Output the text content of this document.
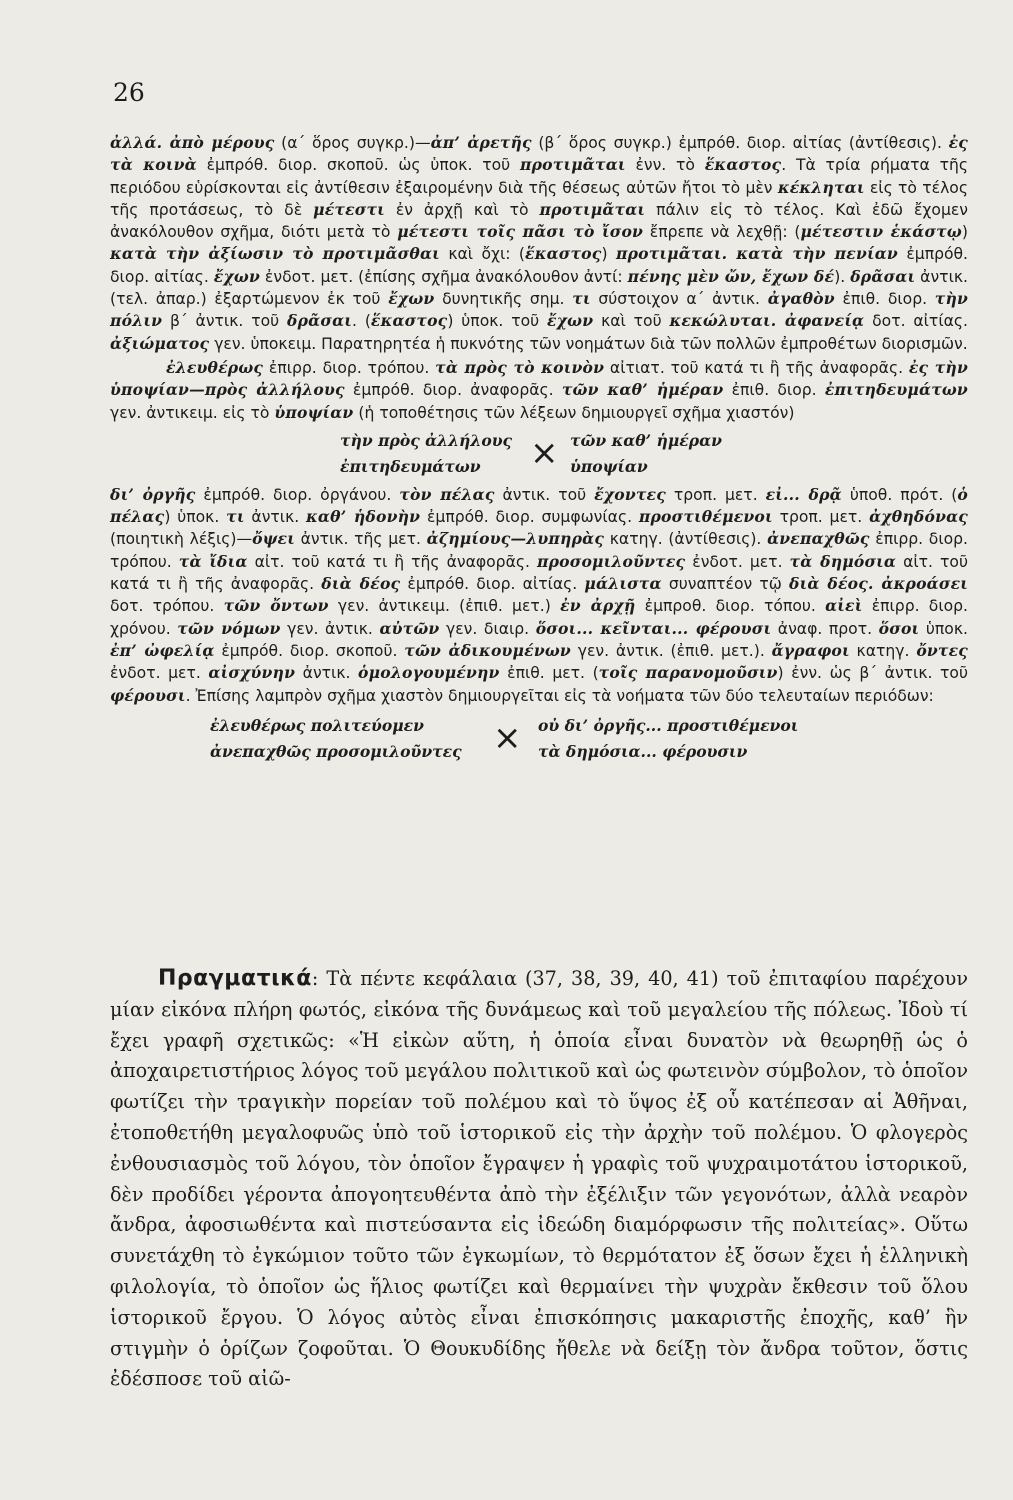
26

ἀλλά. ἀπὸ μέρους (α΄ ὅρος συγκρ.)—ἀπ’ ἀρετῆς (β΄ ὅρος συγκρ.) ἐμπρόθ. διορ. αἰτίας (ἀντίθεσις). ἐς τὰ κοινὰ ἐμπρόθ. διορ. σκοποῦ. ὡς ὑποκ. τοῦ προτιμᾶται ἐνν. τὸ ἕκαστος. Τὰ τρία ρήματα τῆς περιόδου εὑρίσκονται εἰς ἀντίθεσιν ἐξαιρομένην διὰ τῆς θέσεως αὐτῶν ἤτοι τὸ μὲν κέκληται εἰς τὸ τέλος τῆς προτάσεως, τὸ δὲ μέτεστι ἐν ἀρχῇ καὶ τὸ προτιμᾶται πάλιν εἰς τὸ τέλος. Καὶ ἐδῶ ἔχομεν ἀνακόλουθον σχῆμα, διότι μετὰ τὸ μέτεστι τοῖς πᾶσι τὸ ἴσον ἔπρεπε νὰ λεχθῇ: (μέτεστιν ἑκάστῳ) κατὰ τὴν ἀξίωσιν τὸ προτιμᾶσθαι καὶ ὄχι: (ἕκαστος) προτιμᾶται. κατὰ τὴν πενίαν ἐμπρόθ. διορ. αἰτίας. ἔχων ἐνδοτ. μετ. (ἐπίσης σχῆμα ἀνακόλουθον ἀντί: πένης μὲν ὤν, ἔχων δέ). δρᾶσαι ἀντικ. (τελ. ἀπαρ.) ἐξαρτώμενον ἐκ τοῦ ἔχων δυνητικῆς σημ. τι σύστοιχον α΄ ἀντικ. ἀγαθὸν ἐπιθ. διορ. τὴν πόλιν β΄ ἀντικ. τοῦ δρᾶσαι. (ἕκαστος) ὑποκ. τοῦ ἔχων καὶ τοῦ κεκώλυται. ἀφανείᾳ δοτ. αἰτίας. ἀξιώματος γεν. ὑποκειμ. Παρατηρητέα ἡ πυκνότης τῶν νοημάτων διὰ τῶν πολλῶν ἐμπροθέτων διορισμῶν.

ἐλευθέρως ἐπιρρ. διορ. τρόπου. τὰ πρὸς τὸ κοινὸν αἰτιατ. τοῦ κατά τι ἢ τῆς ἀναφορᾶς. ἐς τὴν ὑποψίαν—πρὸς ἀλλήλους ἐμπρόθ. διορ. ἀναφορᾶς. τῶν καθ’ ἡμέραν ἐπιθ. διορ. ἐπιτηδευμάτων γεν. ἀντικειμ. εἰς τὸ ὑποψίαν (ἡ τοποθέτησις τῶν λέξεων δημιουργεῖ σχῆμα χιαστόν)

τὴν πρὸς ἀλλήλους
ἐπιτηδευμάτων × τῶν καθ’ ἡμέραν
ὑποψίαν

δι’ ὀργῆς ἐμπρόθ. διορ. ὀργάνου. τὸν πέλας ἀντικ. τοῦ ἔχοντες τροπ. μετ. εἰ... δρᾷ ὑποθ. πρότ. (ὁ πέλας) ὑποκ. τι ἀντικ. καθ’ ἡδονὴν ἐμπρόθ. διορ. συμφωνίας. προστιθέμενοι τροπ. μετ. ἀχθηδόνας (ποιητικὴ λέξις)—ὄψει ἀντικ. τῆς μετ. ἀζημίους—λυπηρὰς κατηγ. (ἀντίθεσις). ἀνεπαχθῶς ἐπιρρ. διορ. τρόπου. τὰ ἴδια αἰτ. τοῦ κατά τι ἢ τῆς ἀναφορᾶς. προσομιλοῦντες ἐνδοτ. μετ. τὰ δημόσια αἰτ. τοῦ κατά τι ἢ τῆς ἀναφορᾶς. διὰ δέος ἐμπρόθ. διορ. αἰτίας. μάλιστα συναπτέον τῷ διὰ δέος. ἀκροάσει δοτ. τρόπου. τῶν ὄντων γεν. ἀντικειμ. (ἐπιθ. μετ.) ἐν ἀρχῇ ἐμπροθ. διορ. τόπου. αἰεὶ ἐπιρρ. διορ. χρόνου. τῶν νόμων γεν. ἀντικ. αὐτῶν γεν. διαιρ. ὅσοι... κεῖνται... φέρουσι ἀναφ. προτ. ὅσοι ὑποκ. ἐπ’ ὠφελίᾳ ἐμπρόθ. διορ. σκοποῦ. τῶν ἀδικουμένων γεν. ἀντικ. (ἐπιθ. μετ.). ἄγραφοι κατηγ. ὄντες ἐνδοτ. μετ. αἰσχύνην ἀντικ. ὁμολογουμένην ἐπιθ. μετ. (τοῖς παρανομοῦσιν) ἐνν. ὡς β΄ ἀντικ. τοῦ φέρουσι. Ἐπίσης λαμπρὸν σχῆμα χιαστὸν δημιουργεῖται εἰς τὰ νοήματα τῶν δύο τελευταίων περιόδων:

ἐλευθέρως πολιτεύομεν
ἀνεπαχθῶς προσομιλοῦντες × οὐ δι’ ὀργῆς... προστιθέμενοι
τὰ δημόσια... φέρουσιν

Πραγματικά: Τὰ πέντε κεφάλαια (37, 38, 39, 40, 41) τοῦ ἐπιταφίου παρέχουν μίαν εἰκόνα πλήρη φωτός, εἰκόνα τῆς δυνάμεως καὶ τοῦ μεγαλείου τῆς πόλεως. Ἰδοὺ τί ἔχει γραφῆ σχετικῶς: «Ἡ εἰκὼν αὕτη, ἡ ὁποία εἶναι δυνατὸν νὰ θεωρηθῇ ὡς ὁ ἀποχαιρετιστήριος λόγος τοῦ μεγάλου πολιτικοῦ καὶ ὡς φωτεινὸν σύμβολον, τὸ ὁποῖον φωτίζει τὴν τραγικὴν πορείαν τοῦ πολέμου καὶ τὸ ὕψος ἐξ οὗ κατέπεσαν αἱ Ἀθῆναι, ἐτοποθετήθη μεγαλοφυῶς ὑπὸ τοῦ ἱστορικοῦ εἰς τὴν ἀρχὴν τοῦ πολέμου. Ὁ φλογερὸς ἐνθουσιασμὸς τοῦ λόγου, τὸν ὁποῖον ἔγραψεν ἡ γραφὶς τοῦ ψυχραιμοτάτου ἱστορικοῦ, δὲν προδίδει γέροντα ἀπογοητευθέντα ἀπὸ τὴν ἐξέλιξιν τῶν γεγονότων, ἀλλὰ νεαρὸν ἄνδρα, ἀφοσιωθέντα καὶ πιστεύσαντα εἰς ἰδεώδη διαμόρφωσιν τῆς πολιτείας». Οὕτω συνετάχθη τὸ ἐγκώμιον τοῦτο τῶν ἐγκωμίων, τὸ θερμότατον ἐξ ὅσων ἔχει ἡ ἑλληνικὴ φιλολογία, τὸ ὁποῖον ὡς ἥλιος φωτίζει καὶ θερμαίνει τὴν ψυχρὰν ἔκθεσιν τοῦ ὅλου ἱστορικοῦ ἔργου. Ὁ λόγος αὐτὸς εἶναι ἐπισκόπησις μακαριστῆς ἐποχῆς, καθ’ ἣν στιγμὴν ὁ ὁρίζων ζοφοῦται. Ὁ Θουκυδίδης ἤθελε νὰ δείξῃ τὸν ἄνδρα τοῦτον, ὅστις ἐδέσποσε τοῦ αἰῶ-
